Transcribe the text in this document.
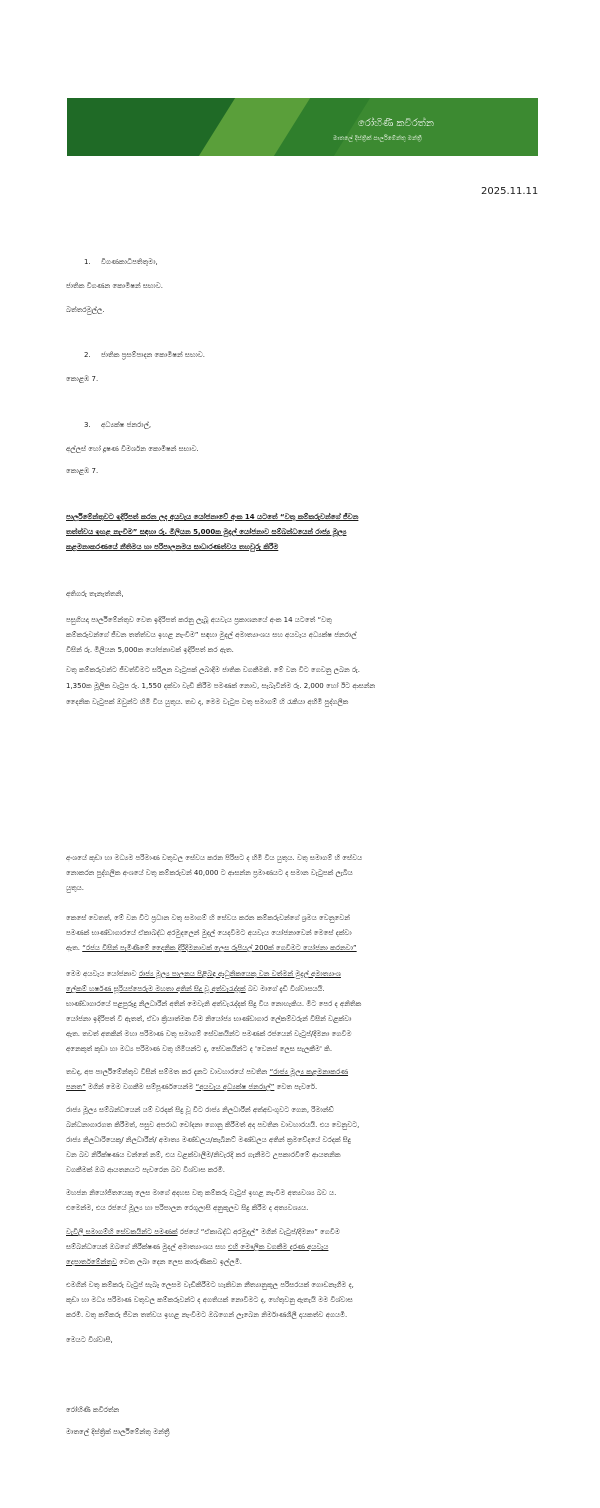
රෝහිණී කවිරත්න
මාතලේ දිස්ත්‍රික් පාර්ලිමේන්තු මන්ත්‍රී
2025.11.11
1. විගණකාධිපතිතුමා,
ජාතික විගණන කොමිෂන් සභාව.
බත්තරමුල්ල.
2. ජාතික ප්‍රසම්පාදන කොමිෂන් සභාව.
කොළඹ 7.
3. අධ්‍යක්ෂ ජනරාල්,
අල්ලස් හෝ දූෂණ විමර්ශන කොමිෂන් සභාව.
කොළඹ 7.
පාර්ලිමේන්තුවට ඉදිරිපත් කරන ලද අයවැය යෝජනාවේ අංක 14 යටතේ “වතු කම්කරුවන්ගේ ජීවන
තත්ත්වය ඉහළ නැංවීම” සඳහා රු. මිලියන 5,000ක මුදල් යෝජනාව සම්බන්ධයෙන් රාජ්‍ය මූල්‍ය
කළමනාකරණයේ නීතිමය හා පරිපාලනමය සාධාරණත්වය තහවුරු කිරීම
අතිගරු තැනැත්තනි,
පසුගියදා පාර්ලිමේන්තුව වෙත ඉදිරිපත් කරනු ලැබූ අයවැය ප්‍රකාශනයේ අංක 14 යටතේ “වතු
කම්කරුවන්ගේ ජීවන තත්ත්වය ඉහළ නැංවීම” සඳහා මුදල් අමාත්‍යාංශය සහ අයවැය අධ්‍යක්ෂ ජනරාල්
විසින් රු. මිලියන 5,000ක යෝජනාවක් ඉදිරිපත් කර ඇත.
වතු කම්කරුවන්ට ජීවත්වීමට සරිලන වැටුපක් ලබාදීම ජාතික වගකීමකි. මේ වන විට ගෙවනු ලබන රු.
1,350ක මූලික වැටුප රු. 1,550 දක්වා වැඩි කිරීම පමණක් නොව, සැබැවින්ම රු. 2,000 හෝ ඊට ආසන්න
දෛනික වැටුපක් ඔවුන්ට හිමි විය යුතුය. තව ද, මෙම වැටුප වතු සමාගම් හි රැකියා අහිමි පුද්ගලික
අංශයේ කුඩා හා මධ්‍යම පරිමාණ වතුවල සේවය කරන පිරිසට ද හිමි විය යුතුය. වතු සමාගම් හි සේවය
නොකරන පුද්ගලික අංශයේ වතු කම්කරුවන් 40,000 ට ආසන්න ප්‍රමාණයට ද සමාන වැටුපක් ලැබිය
යුතුය.
කෙසේ වෙතත්, මේ වන විට ප්‍රධාන වතු සමාගම් හි සේවය කරන කම්කරුවන්ගේ ශ්‍රමය වෙනුවෙන්
පමණක් භාණ්ඩාගාරයේ ඒකාබද්ධ අරමුදලෙන් මුදල් යෙදවීමට අයවැය යෝජනාවෙන් මෙසේ දක්වා
ඇත. “රජය විසින් පැමිණීමේ දෛනික දිරිදීමනාවක් ලෙස රුපියල් 200ක් ගෙවීමට යෝජනා කරනවා”
මෙම අයවැය යෝජනාව රාජ්‍ය මූල්‍ය පාලනය පිළිබඳ ආධුනිකයෙකු වන වත්මන් මුදල් අමාත්‍යාංශ
ලේකම් හර්ෂණ සූරියප්පෙරුම මහතා අතින් සිදු වූ අත්වැරැද්දක් බව මාගේ දැඩි විශ්වාසයයි.
භාණ්ඩාගාරයේ පළපුරුදු නිලධාරීන් අතින් මෙවැනි අත්වැරැද්දක් සිදු විය නොහැකිය. මීට පෙර ද අනිතික
යෝජනා ඉදිරිපත් වී ඇතත්, ඒවා ක්‍රියාත්මක වීම නියෝජ්‍ය භාණ්ඩාගාර ලේකම්වරුන් විසින් වළක්වා
ඇත. තවත් අතකින් මහා පරිමාණ වතු සමාගම් සේවකයින්ට පමණක් රජයෙන් වැටුප්/දීමනා ගෙවීම
අනෙකුත් කුඩා හා මධ්‍ය පරිමාණ වතු හිමියන්ට ද, සේවකයින්ට ද 'වෙනස් ලෙස සැලකීම' කි.
තවද, අප පාර්ලිමේන්තුව විසින් සම්මත කර දැනට වාවහාරයේ පවතින “රාජ්‍ය මූල්‍ය කළමනාකරණ
පනත” මගින් මෙම වගකීම සම්පූර්ණයෙන්ම “අයවැය අධ්‍යක්ෂ ජනරාල්” වෙත පැවරේ.
රාජ්‍ය මූල්‍ය සම්බන්ධයෙන් යම් වරදක් සිදු වූ විට රාජ්‍ය නිලධාරීන් අත්අඩංගුවට ගෙන, රිමාන්ඩ්
බන්ධනාගාරගත කිරීමත්, පසුව අපරාධ චෝදනා ගොනු කිරීමත් අද පවතින වාවහාරයයි. එය වෙනුවට,
රාජ්‍ය නිලධාරියෙකු/ නිලධාරීන්/ අමාත්‍ය මණ්ඩලය/කැබිනට් මණ්ඩලය අතින් ක්‍රමවේදයේ වරදක් සිදු
වන බව නිරීක්ෂණය වන්නේ නම්, එය වළක්වාලීම/නිවැරදි කර ගැනීමට උපකාරවීමේ ආයතනික
වගකීමක් ඔබ ආයතනයට පැවරෙන බව විශ්වාස කරමි.
මහජන නියෝජිතයෙකු ලෙස මාගේ අදහස වතු කම්කරු වැටුප් ඉහළ නැංවීම අත්‍යවශ්‍ය බව ය.
එමෙන්ම, එය රජයේ මූල්‍ය හා පරිපාලන රෙගුලාසි අනුකූලව සිදු කිරීම ද අත්‍යවශ්‍යය.
වැවිලි සමාගම්හි සේවකයින්ට පමණක් රජයේ “ඒකාබද්ධ අරමුදල්” මගින් වැටුප්/දීමනා” ගෙවීම
සම්බන්ධයෙන් ඔබගේ නිරීක්ෂණ මුදල් අමාත්‍යාංශය සහ එහි මෞලික වගකීම දරණ අයවැය
දෙපාර්තමේන්තුව වෙත ලබා දෙන ලෙස කාරුණිකව ඉල්ලමි.
එමගින් වතු කම්කරු වැටුප් සැබෑ ලෙසම වැඩිකිරීමට හැකිවන නීත්‍යානුකූල පරිසරයක් ගොඩනැගීම ද,
කුඩා හා මධ්‍ය පරිමාණ වතුවල කම්කරුවන්ට ද අගතියක් නොවීමට ද, හේතුවනු ඇතැයි මම විශ්වාස
කරමි. වතු කම්කරු ජීවන තත්වය ඉහළ නැංවීමට ඔබගෙන් ලැබෙන නිර්මාණශීලී දායකත්ව අගයමි.
මෙයට විශ්වාසී,
රෝහිණී කවිරත්න
මාතලේ දිස්ත්‍රික් පාර්ලිමේන්තු මන්ත්‍රී
